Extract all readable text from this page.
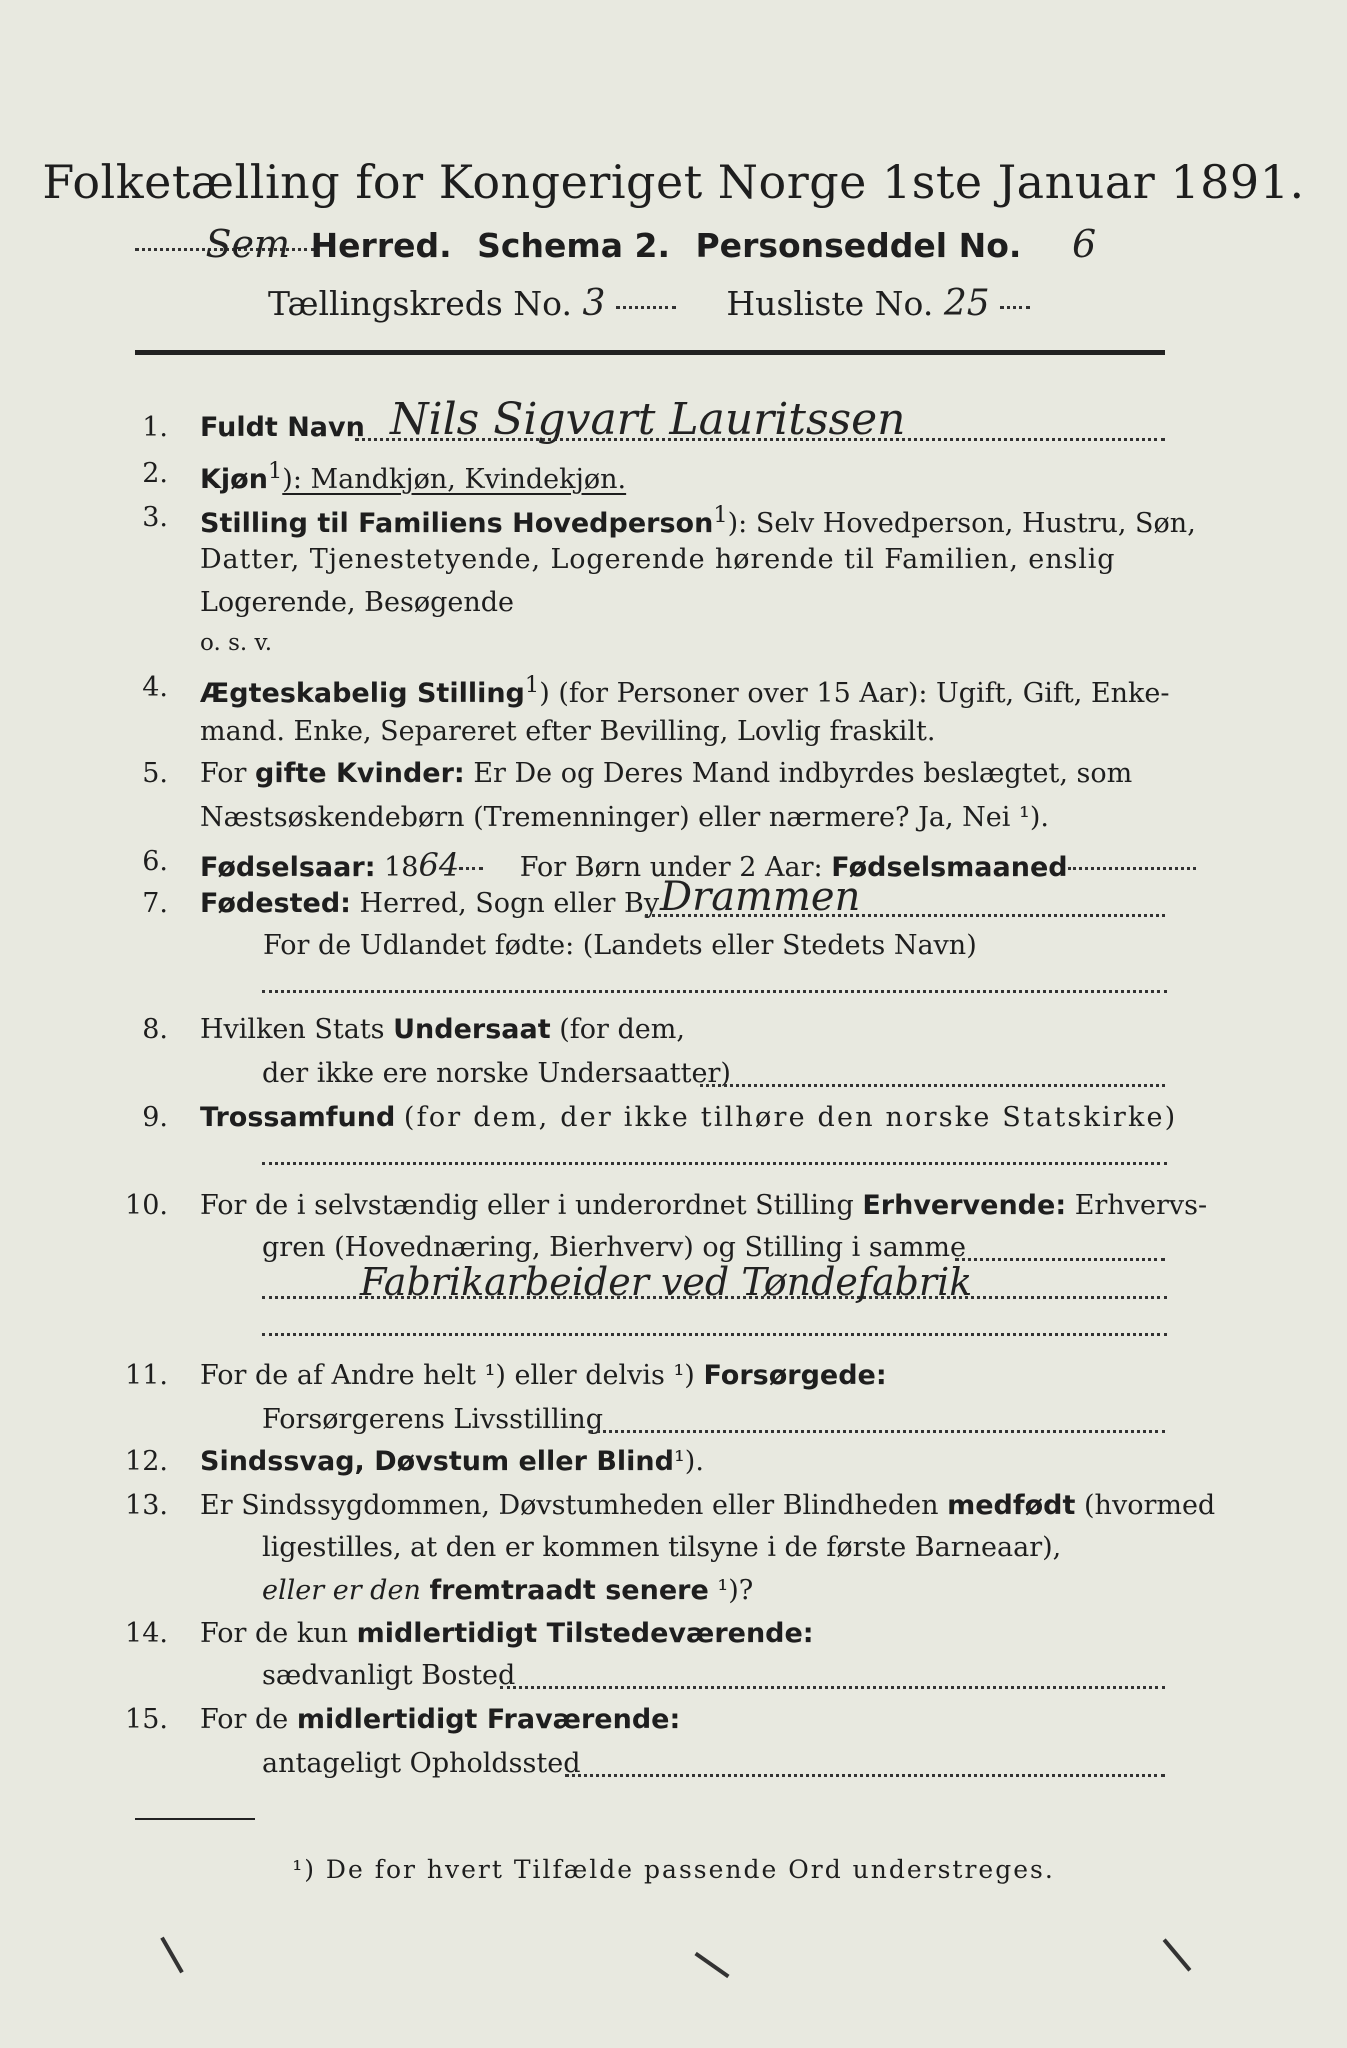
Folketælling for Kongeriget Norge 1ste Januar 1891.
Sem Herred. Schema 2. Personseddel No. 6
Tællingskreds No. 3	Husliste No. 25
1. Fuldt Navn Nils Sigvart Lauritssen
2. Kjøn$^1$): Mandkjøn, Kvindekjøn.
3. Stilling til Familiens Hovedperson$^1$): Selv Hovedperson, Hustru, Søn,
Datter, Tjenestetyende, Logerende hørende til Familien, enslig
Logerende, Besøgende
o. s. v.
4. Ægteskabelig Stilling$^1$) (for Personer over 15 Aar): Ugift, Gift, Enke-
mand. Enke, Separeret efter Bevilling, Lovlig fraskilt.
5. For gifte Kvinder: Er De og Deres Mand indbyrdes beslægtet, som
Næstsøskendebørn (Tremenninger) eller nærmere? Ja, Nei ¹).
6. Fødselsaar: 1864 For Børn under 2 Aar: Fødselsmaaned
7. Fødested: Herred, Sogn eller By Drammen
For de Udlandet fødte: (Landets eller Stedets Navn)
8. Hvilken Stats Undersaat (for dem,
der ikke ere norske Undersaatter)
9. Trossamfund (for dem, der ikke tilhøre den norske Statskirke)
10. For de i selvstændig eller i underordnet Stilling Erhvervende: Erhvervs-
gren (Hovednæring, Bierhverv) og Stilling i samme
Fabrikarbeider ved Tøndefabrik
11. For de af Andre helt ¹) eller delvis ¹) Forsørgede:
Forsørgerens Livsstilling
12. Sindssvag, Døvstum eller Blind¹).
13. Er Sindssygdommen, Døvstumheden eller Blindheden medfødt (hvormed
ligestilles, at den er kommen tilsyne i de første Barneaar),
eller er den fremtraadt senere ¹)?
14. For de kun midlertidigt Tilstedeværende:
sædvanligt Bosted
15. For de midlertidigt Fraværende:
antageligt Opholdssted
¹) De for hvert Tilfælde passende Ord understreges.
